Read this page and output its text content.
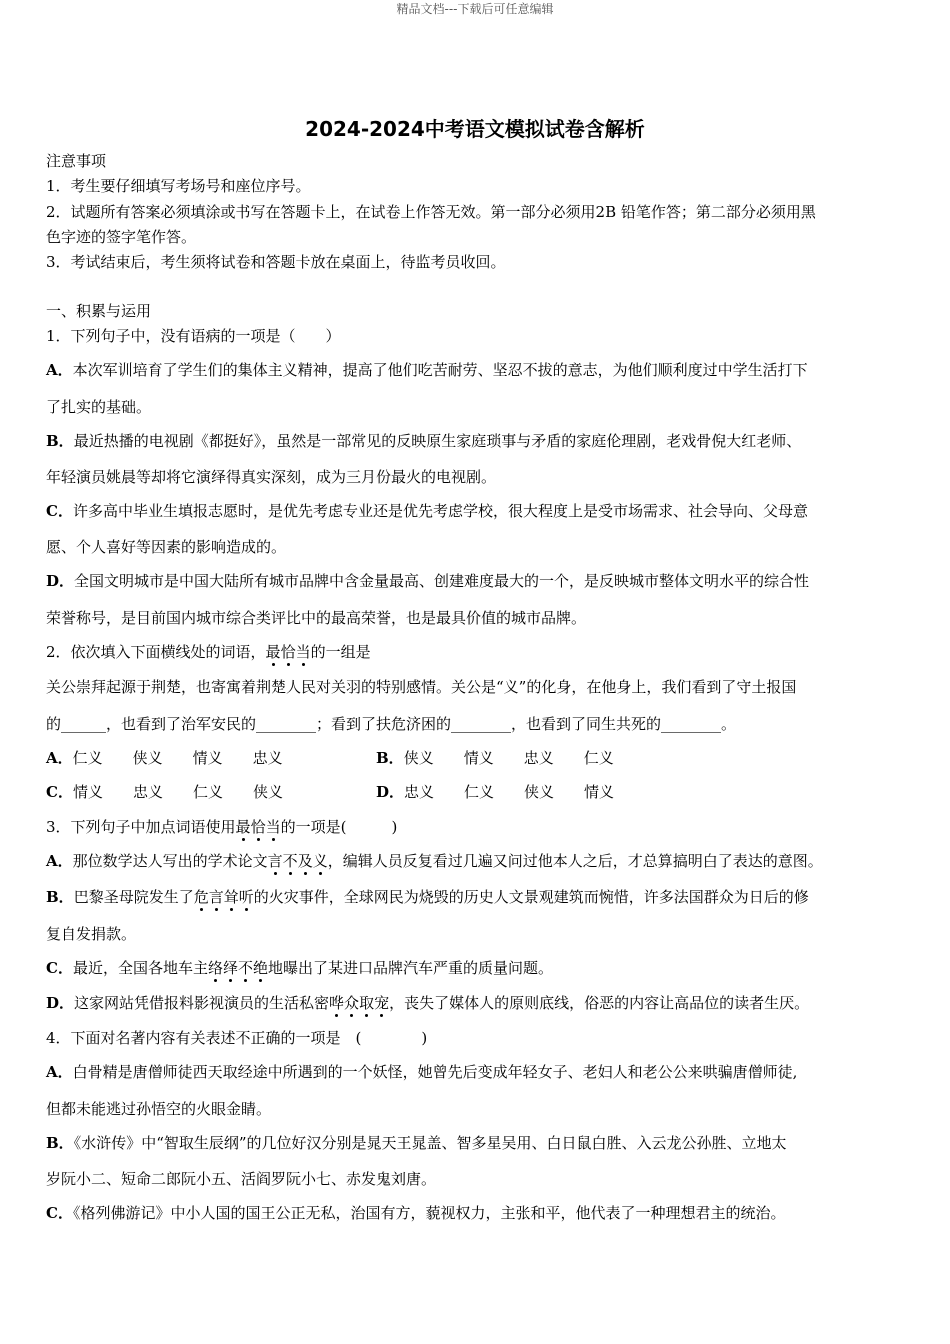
精品文档---下载后可任意编辑
2024-2024中考语文模拟试卷含解析
注意事项
1．考生要仔细填写考场号和座位序号。
2．试题所有答案必须填涂或书写在答题卡上，在试卷上作答无效。第一部分必须用2B 铅笔作答；第二部分必须用黑
色字迹的签字笔作答。
3．考试结束后，考生须将试卷和答题卡放在桌面上，待监考员收回。
一、积累与运用
1．下列句子中，没有语病的一项是（　　）
A．本次军训培育了学生们的集体主义精神，提高了他们吃苦耐劳、坚忍不拔的意志，为他们顺利度过中学生活打下
了扎实的基础。
B．最近热播的电视剧《都挺好》，虽然是一部常见的反映原生家庭琐事与矛盾的家庭伦理剧，老戏骨倪大红老师、
年轻演员姚晨等却将它演绎得真实深刻，成为三月份最火的电视剧。
C．许多高中毕业生填报志愿时，是优先考虑专业还是优先考虑学校，很大程度上是受市场需求、社会导向、父母意
愿、个人喜好等因素的影响造成的。
D．全国文明城市是中国大陆所有城市品牌中含金量最高、创建难度最大的一个，是反映城市整体文明水平的综合性
荣誉称号，是目前国内城市综合类评比中的最高荣誉，也是最具价值的城市品牌。
2．依次填入下面横线处的词语，最恰当的一组是
关公崇拜起源于荆楚，也寄寓着荆楚人民对关羽的特别感情。关公是“义”的化身，在他身上，我们看到了守土报国
的______，也看到了治军安民的________；看到了扶危济困的________，也看到了同生共死的________。
A．仁义　　侠义　　情义　　忠义	B．侠义　　情义　　忠义　　仁义
C．情义　　忠义　　仁义　　侠义	D．忠义　　仁义　　侠义　　情义
3．下列句子中加点词语使用最恰当的一项是(　　　)
A．那位数学达人写出的学术论文言不及义，编辑人员反复看过几遍又问过他本人之后，才总算搞明白了表达的意图。
B．巴黎圣母院发生了危言耸听的火灾事件，全球网民为烧毁的历史人文景观建筑而惋惜，许多法国群众为日后的修
复自发捐款。
C．最近，全国各地车主络绎不绝地曝出了某进口品牌汽车严重的质量问题。
D．这家网站凭借报料影视演员的生活私密哗众取宠，丧失了媒体人的原则底线，俗恶的内容让高品位的读者生厌。
4．下面对名著内容有关表述不正确的一项是　(　　　　)
A．白骨精是唐僧师徒西天取经途中所遇到的一个妖怪，她曾先后变成年轻女子、老妇人和老公公来哄骗唐僧师徒,
但都未能逃过孙悟空的火眼金睛。
B．《水浒传》中“智取生辰纲”的几位好汉分别是晁天王晁盖、智多星吴用、白日鼠白胜、入云龙公孙胜、立地太
岁阮小二、短命二郎阮小五、活阎罗阮小七、赤发鬼刘唐。
C．《格列佛游记》中小人国的国王公正无私，治国有方，藐视权力，主张和平，他代表了一种理想君主的统治。
